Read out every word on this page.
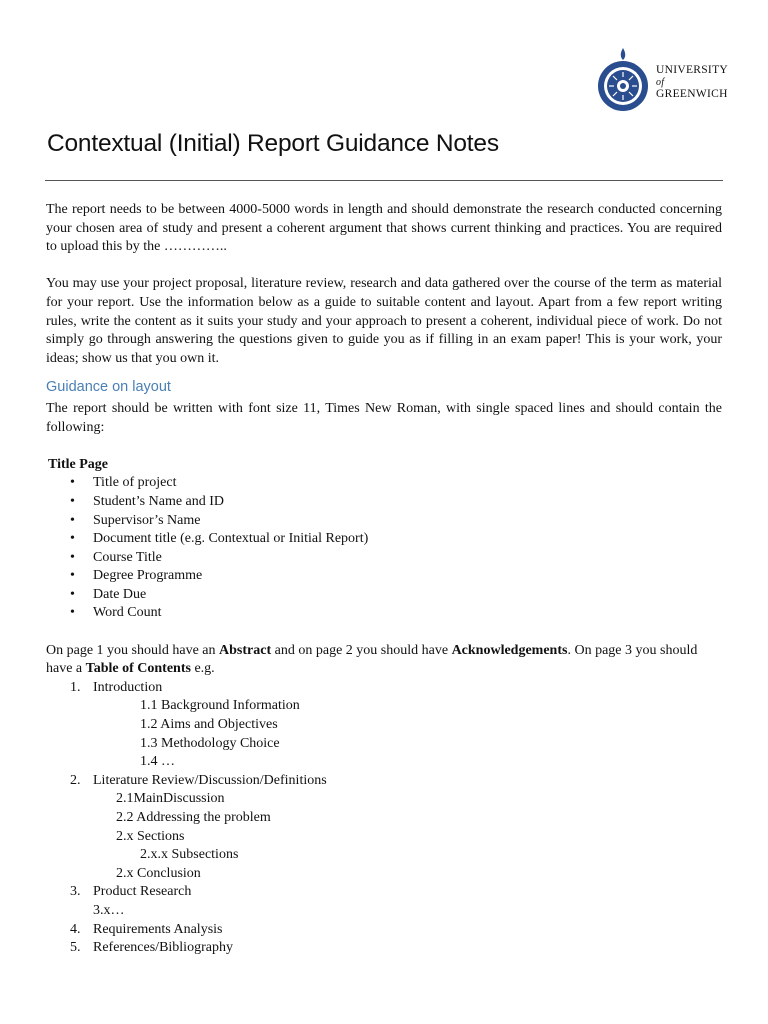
UNIVERSITY
of
GREENWICH
Contextual (Initial) Report Guidance Notes

The report needs to be between 4000-5000 words in length and should demonstrate the research conducted concerning your chosen area of study and present a coherent argument that shows current thinking and practices. You are required to upload this by the …………..

You may use your project proposal, literature review, research and data gathered over the course of the term as material for your report. Use the information below as a guide to suitable content and layout. Apart from a few report writing rules, write the content as it suits your study and your approach to present a coherent, individual piece of work. Do not simply go through answering the questions given to guide you as if filling in an exam paper! This is your work, your ideas; show us that you own it.

Guidance on layout

The report should be written with font size 11, Times New Roman, with single spaced lines and should contain the following:

Title Page
• Title of project
• Student’s Name and ID
• Supervisor’s Name
• Document title (e.g. Contextual or Initial Report)
• Course Title
• Degree Programme
• Date Due
• Word Count

On page 1 you should have an Abstract and on page 2 you should have Acknowledgements. On page 3 you should have a Table of Contents e.g.

1. Introduction
1.1 Background Information
1.2 Aims and Objectives
1.3 Methodology Choice
1.4 …
2. Literature Review/Discussion/Definitions
2.1MainDiscussion
2.2 Addressing the problem
2.x Sections
2.x.x Subsections
2.x Conclusion
3. Product Research
3.x…
4. Requirements Analysis
5. References/Bibliography
